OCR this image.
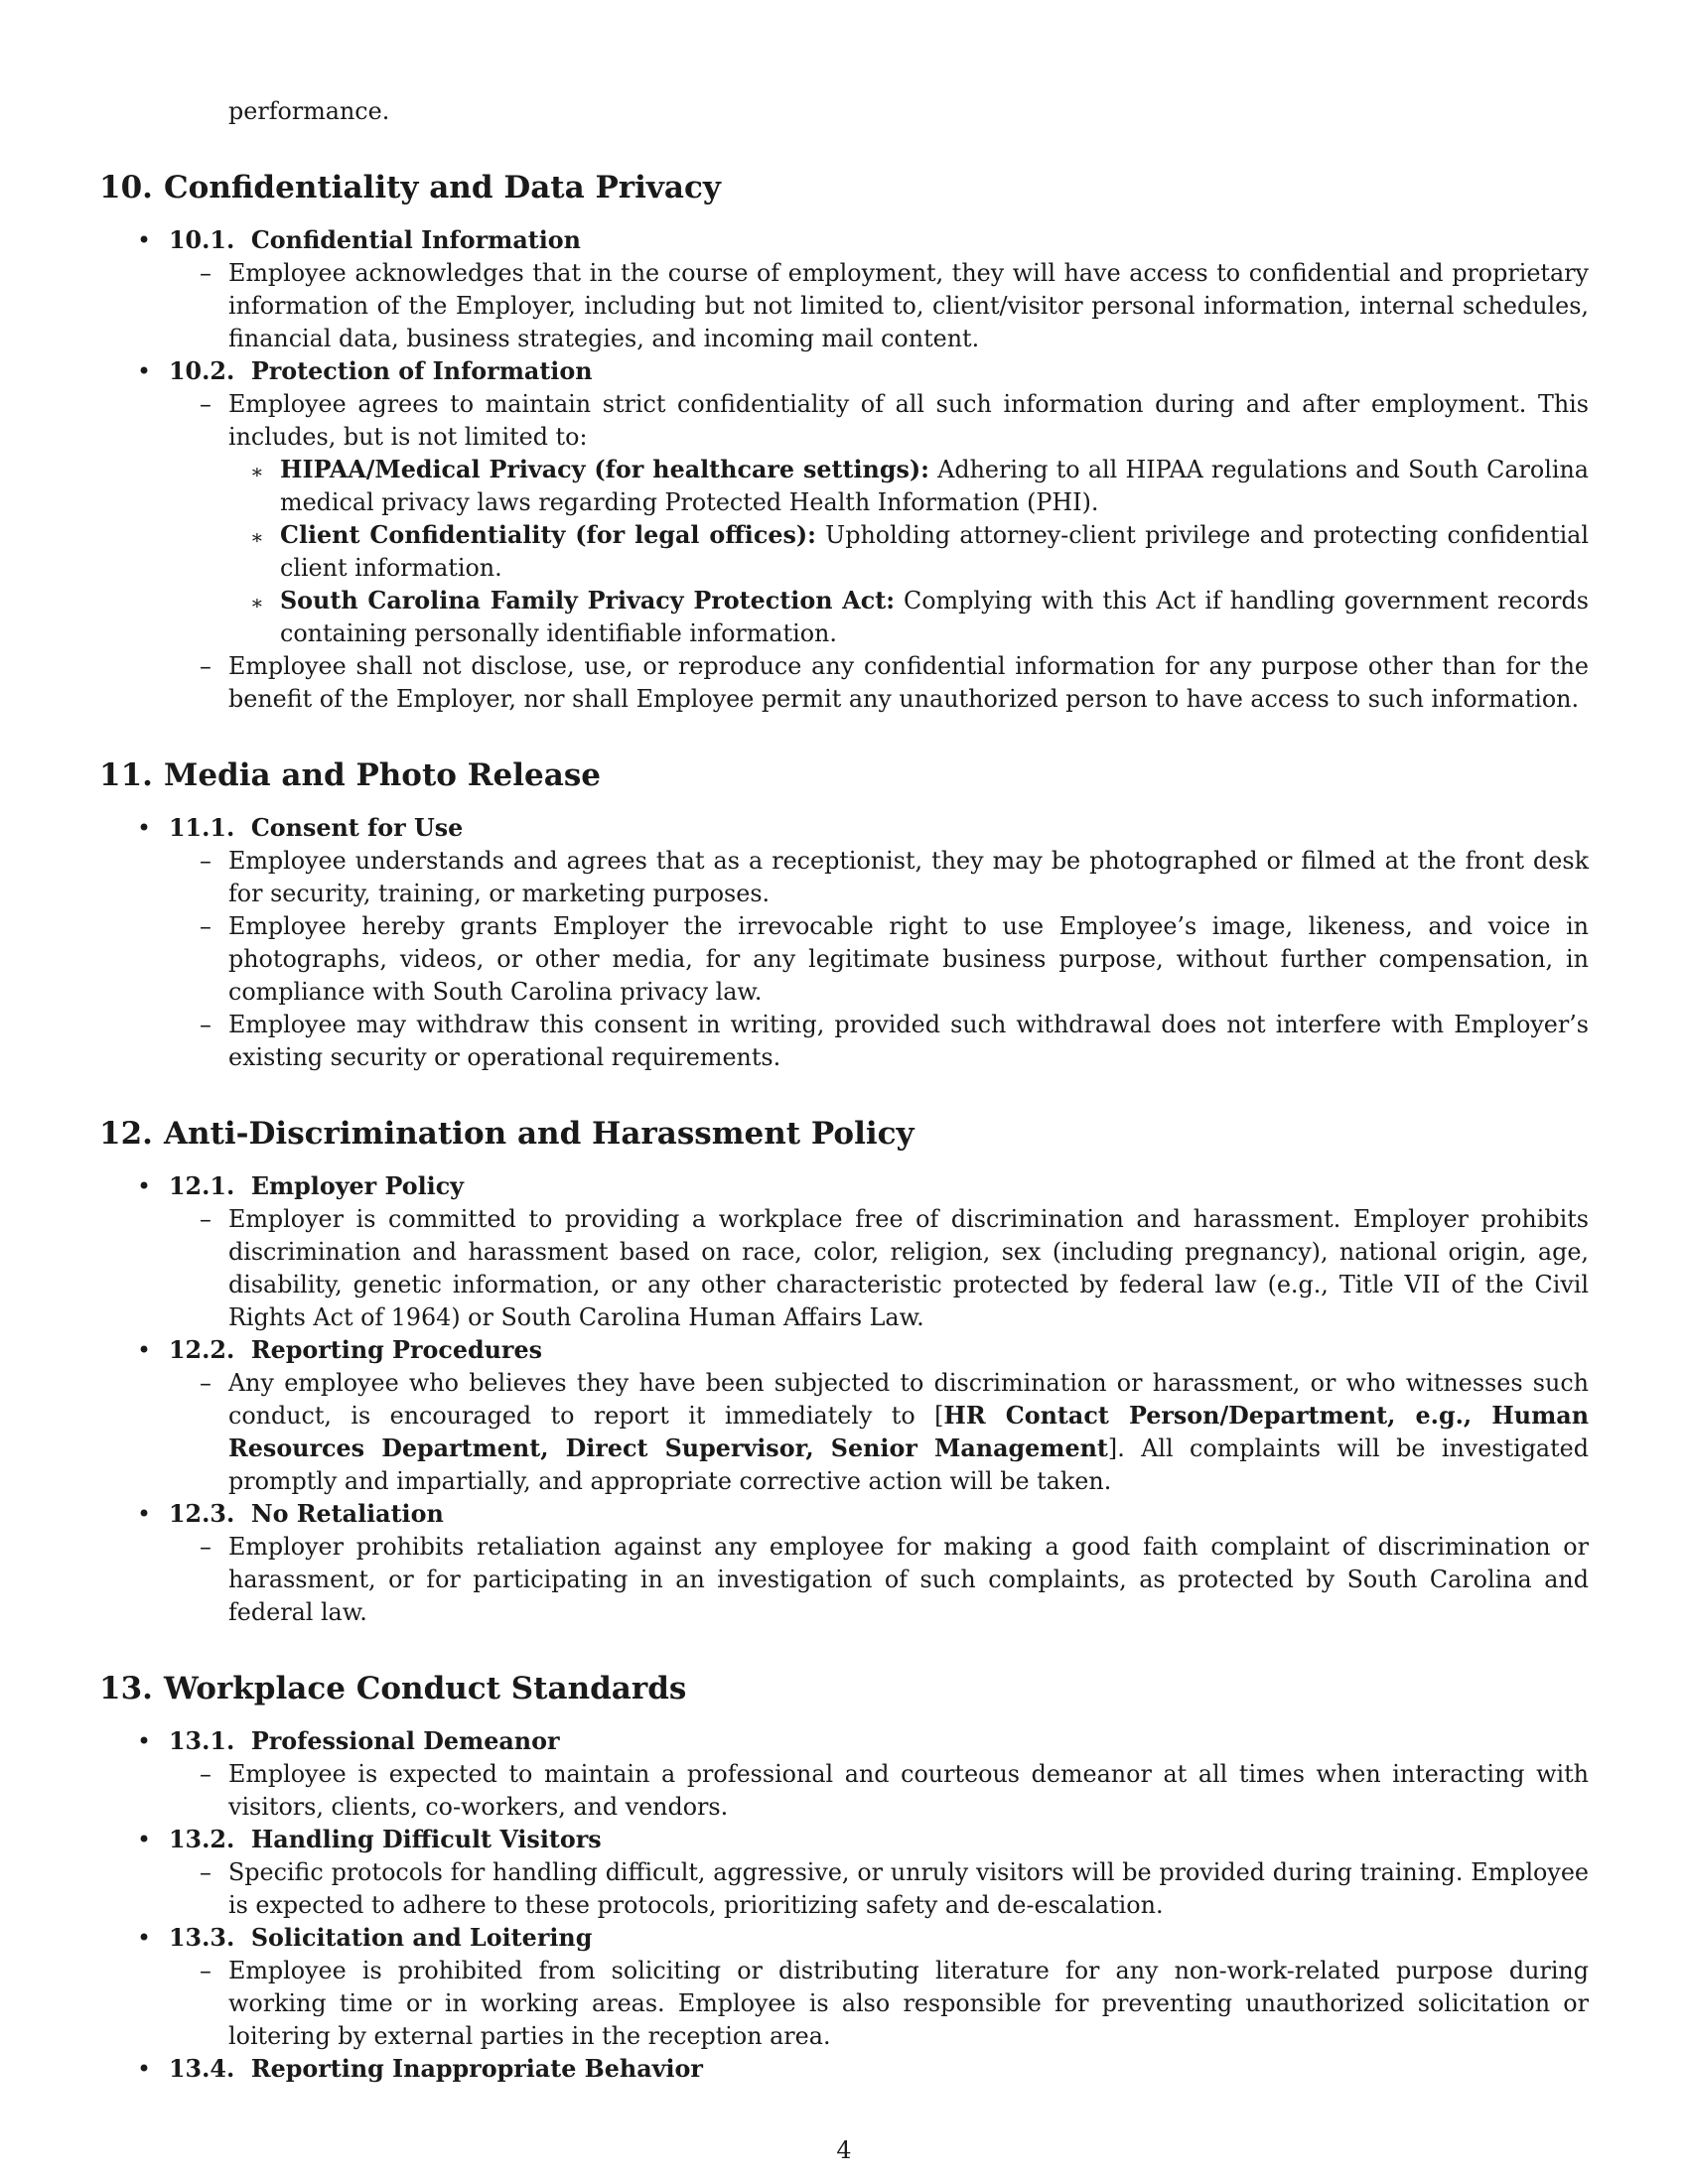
performance.

10. Confidentiality and Data Privacy
• 10.1. Confidential Information
– Employee acknowledges that in the course of employment, they will have access to confidential and proprietary information of the Employer, including but not limited to, client/visitor personal information, internal schedules, financial data, business strategies, and incoming mail content.
• 10.2. Protection of Information
– Employee agrees to maintain strict confidentiality of all such information during and after employment. This includes, but is not limited to:
∗ HIPAA/Medical Privacy (for healthcare settings): Adhering to all HIPAA regulations and South Carolina medical privacy laws regarding Protected Health Information (PHI).
∗ Client Confidentiality (for legal offices): Upholding attorney-client privilege and protecting confidential client information.
∗ South Carolina Family Privacy Protection Act: Complying with this Act if handling government records containing personally identifiable information.
– Employee shall not disclose, use, or reproduce any confidential information for any purpose other than for the benefit of the Employer, nor shall Employee permit any unauthorized person to have access to such information.
11. Media and Photo Release
• 11.1. Consent for Use
– Employee understands and agrees that as a receptionist, they may be photographed or filmed at the front desk for security, training, or marketing purposes.
– Employee hereby grants Employer the irrevocable right to use Employee’s image, likeness, and voice in photographs, videos, or other media, for any legitimate business purpose, without further compensation, in compliance with South Carolina privacy law.
– Employee may withdraw this consent in writing, provided such withdrawal does not interfere with Employer’s existing security or operational requirements.
12. Anti-Discrimination and Harassment Policy
• 12.1. Employer Policy
– Employer is committed to providing a workplace free of discrimination and harassment. Employer prohibits discrimination and harassment based on race, color, religion, sex (including pregnancy), national origin, age, disability, genetic information, or any other characteristic protected by federal law (e.g., Title VII of the Civil Rights Act of 1964) or South Carolina Human Affairs Law.
• 12.2. Reporting Procedures
– Any employee who believes they have been subjected to discrimination or harassment, or who witnesses such conduct, is encouraged to report it immediately to [HR Contact Person/Department, e.g., Human Resources Department, Direct Supervisor, Senior Management]. All complaints will be investigated promptly and impartially, and appropriate corrective action will be taken.
• 12.3. No Retaliation
– Employer prohibits retaliation against any employee for making a good faith complaint of discrimination or harassment, or for participating in an investigation of such complaints, as protected by South Carolina and federal law.
13. Workplace Conduct Standards
• 13.1. Professional Demeanor
– Employee is expected to maintain a professional and courteous demeanor at all times when interacting with visitors, clients, co-workers, and vendors.
• 13.2. Handling Difficult Visitors
– Specific protocols for handling difficult, aggressive, or unruly visitors will be provided during training. Employee is expected to adhere to these protocols, prioritizing safety and de-escalation.
• 13.3. Solicitation and Loitering
– Employee is prohibited from soliciting or distributing literature for any non-work-related purpose during working time or in working areas. Employee is also responsible for preventing unauthorized solicitation or loitering by external parties in the reception area.
• 13.4. Reporting Inappropriate Behavior
4
